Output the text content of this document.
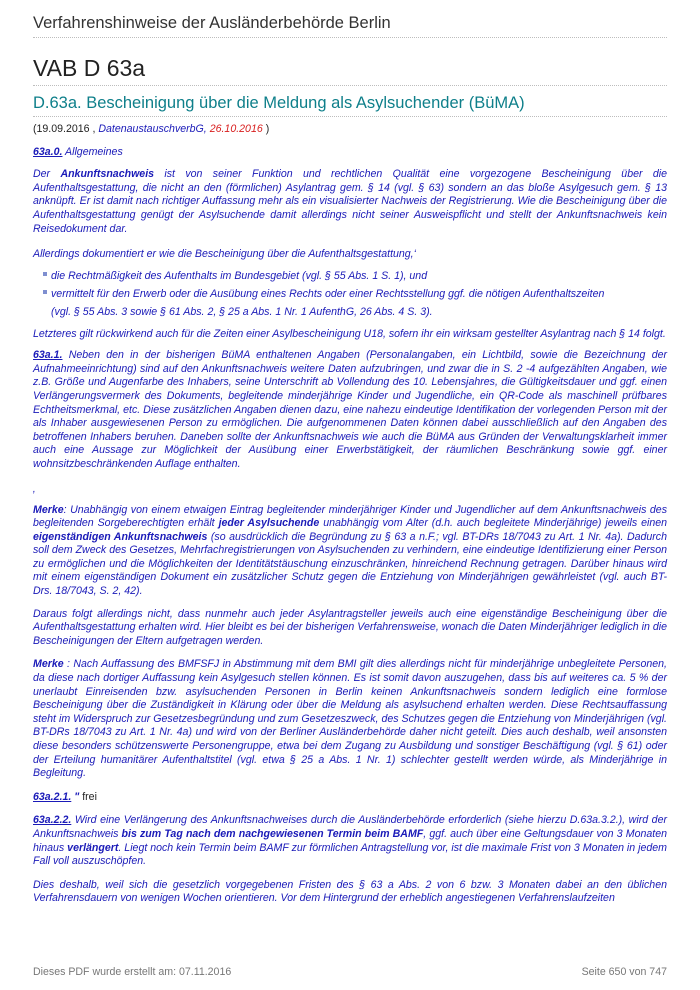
Verfahrenshinweise der Ausländerbehörde Berlin
VAB D 63a
D.63a. Bescheinigung über die Meldung als Asylsuchender (BüMA)

(19.09.2016 , DatenaustauschverbG, 26.10.2016 )

63a.0. Allgemeines

Der Ankunftsnachweis ist von seiner Funktion und rechtlichen Qualität eine vorgezogene Bescheinigung über die Aufenthaltsgestattung, die nicht an den (förmlichen) Asylantrag gem. § 14 (vgl. § 63) sondern an das bloße Asylgesuch gem. § 13 anknüpft. Er ist damit nach richtiger Auffassung mehr als ein visualisierter Nachweis der Registrierung. Wie die Bescheinigung über die Aufenthaltsgestattung genügt der Asylsuchende damit allerdings nicht seiner Ausweispflicht und stellt der Ankunftsnachweis kein Reisedokument dar.

Allerdings dokumentiert er wie die Bescheinigung über die Aufenthaltsgestattung,‘

die Rechtmäßigkeit des Aufenthalts im Bundesgebiet (vgl. § 55 Abs. 1 S. 1), und
vermittelt für den Erwerb oder die Ausübung eines Rechts oder einer Rechtsstellung ggf. die nötigen Aufenthaltszeiten

(vgl. § 55 Abs. 3 sowie § 61 Abs. 2, § 25 a Abs. 1 Nr. 1 AufenthG, 26 Abs. 4 S. 3).

Letzteres gilt rückwirkend auch für die Zeiten einer Asylbescheinigung U18, sofern ihr ein wirksam gestellter Asylantrag nach § 14 folgt.

63a.1. Neben den in der bisherigen BüMA enthaltenen Angaben (Personalangaben, ein Lichtbild, sowie die Bezeichnung der Aufnahmeeinrichtung) sind auf den Ankunftsnachweis weitere Daten aufzubringen, und zwar die in S. 2 -4 aufgezählten Angaben, wie z.B. Größe und Augenfarbe des Inhabers, seine Unterschrift ab Vollendung des 10. Lebensjahres, die Gültigkeitsdauer und ggf. einen Verlängerungsvermerk des Dokuments, begleitende minderjährige Kinder und Jugendliche, ein QR-Code als maschinell prüfbares Echtheitsmerkmal, etc. Diese zusätzlichen Angaben dienen dazu, eine nahezu eindeutige Identifikation der vorlegenden Person mit der als Inhaber ausgewiesenen Person zu ermöglichen. Die aufgenommenen Daten können dabei ausschließlich auf den Angaben des betroffenen Inhabers beruhen. Daneben sollte der Ankunftsnachweis wie auch die BüMA aus Gründen der Verwaltungsklarheit immer auch eine Aussage zur Möglichkeit der Ausübung einer Erwerbstätigkeit, der räumlichen Beschränkung sowie ggf. einer wohnsitzbeschränkenden Auflage enthalten.

‚

Merke: Unabhängig von einem etwaigen Eintrag begleitender minderjähriger Kinder und Jugendlicher auf dem Ankunftsnachweis des begleitenden Sorgeberechtigten erhält jeder Asylsuchende unabhängig vom Alter (d.h. auch begleitete Minderjährige) jeweils einen eigenständigen Ankunftsnachweis (so ausdrücklich die Begründung zu § 63 a n.F.; vgl. BT-DRs 18/7043 zu Art. 1 Nr. 4a). Dadurch soll dem Zweck des Gesetzes, Mehrfachregistrierungen von Asylsuchenden zu verhindern, eine eindeutige Identifizierung einer Person zu ermöglichen und die Möglichkeiten der Identitätstäuschung einzuschränken, hinreichend Rechnung getragen. Darüber hinaus wird mit einem eigenständigen Dokument ein zusätzlicher Schutz gegen die Entziehung von Minderjährigen gewährleistet (vgl. auch BT-Drs. 18/7043, S. 2, 42).

Daraus folgt allerdings nicht, dass nunmehr auch jeder Asylantragsteller jeweils auch eine eigenständige Bescheinigung über die Aufenthaltsgestattung erhalten wird. Hier bleibt es bei der bisherigen Verfahrensweise, wonach die Daten Minderjähriger lediglich in die Bescheinigungen der Eltern aufgetragen werden.

Merke : Nach Auffassung des BMFSFJ in Abstimmung mit dem BMI gilt dies allerdings nicht für minderjährige unbegleitete Personen, da diese nach dortiger Auffassung kein Asylgesuch stellen können. Es ist somit davon auszugehen, dass bis auf weiteres ca. 5 % der unerlaubt Einreisenden bzw. asylsuchenden Personen in Berlin keinen Ankunftsnachweis sondern lediglich eine formlose Bescheinigung über die Zuständigkeit in Klärung oder über die Meldung als asylsuchend erhalten werden. Diese Rechtsauffassung steht im Widerspruch zur Gesetzesbegründung und zum Gesetzeszweck, des Schutzes gegen die Entziehung von Minderjährigen (vgl. BT-DRs 18/7043 zu Art. 1 Nr. 4a) und wird von der Berliner Ausländerbehörde daher nicht geteilt. Dies auch deshalb, weil ansonsten diese besonders schützenswerte Personengruppe, etwa bei dem Zugang zu Ausbildung und sonstiger Beschäftigung (vgl. § 61) oder der Erteilung humanitärer Aufenthaltstitel (vgl. etwa § 25 a Abs. 1 Nr. 1) schlechter gestellt werden würde, als Minderjährige in Begleitung.

63a.2.1. " frei

63a.2.2. Wird eine Verlängerung des Ankunftsnachweises durch die Ausländerbehörde erforderlich (siehe hierzu D.63a.3.2.), wird der Ankunftsnachweis bis zum Tag nach dem nachgewiesenen Termin beim BAMF, ggf. auch über eine Geltungsdauer von 3 Monaten hinaus verlängert. Liegt noch kein Termin beim BAMF zur förmlichen Antragstellung vor, ist die maximale Frist von 3 Monaten in jedem Fall voll auszuschöpfen.

Dies deshalb, weil sich die gesetzlich vorgegebenen Fristen des § 63 a Abs. 2 von 6 bzw. 3 Monaten dabei an den üblichen Verfahrensdauern von wenigen Wochen orientieren. Vor dem Hintergrund der erheblich angestiegenen Verfahrenslaufzeiten

Dieses PDF wurde erstellt am: 07.11.2016	Seite 650 von 747
